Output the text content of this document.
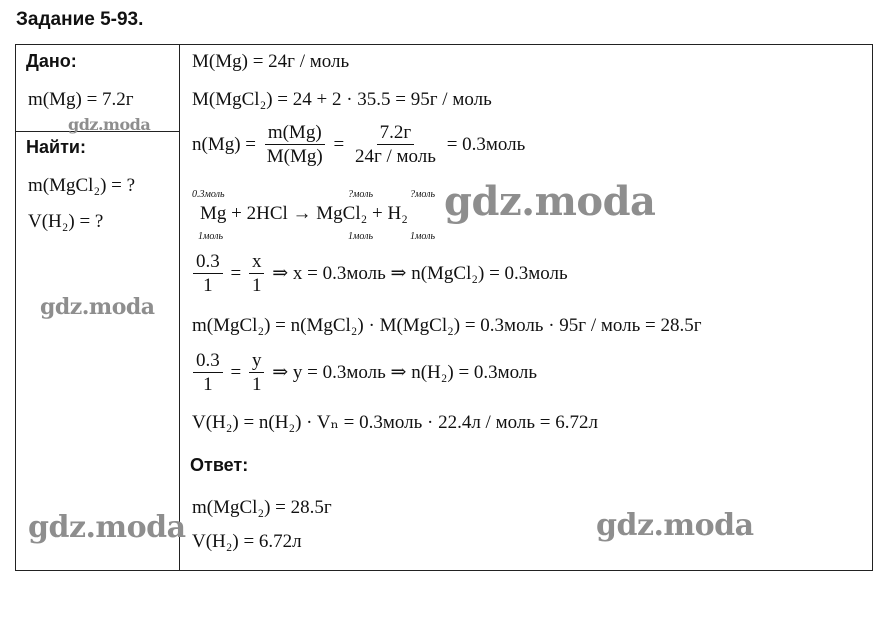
Задание 5-93.
Дано:
m(Mg) = 7.2г
Найти:
m(MgCl₂) = ?
V(H₂) = ?
M(Mg) = 24г / моль
M(MgCl₂) = 24 + 2 · 35.5 = 95г / моль
$n(Mg) = \frac{m(Mg)}{M(Mg)} = \frac{7.2г}{\text{24г / моль}}$ = 0.3моль
0.3моль	?моль	?моль
Mg + 2HCl → MgCl₂ + H₂
1моль	1моль	1моль
$\frac{0.3}{1} = \frac{x}{1}$ ⇒ x = 0.3моль ⇒ n(MgCl₂) = 0.3моль
m(MgCl₂) = n(MgCl₂) · M(MgCl₂) = 0.3моль · 95г / моль = 28.5г
$\frac{0.3}{1} = \frac{y}{1}$ ⇒ y = 0.3моль ⇒ n(H₂) = 0.3моль
V(H₂) = n(H₂) · Vₙ = 0.3моль · 22.4л / моль = 6.72л
Ответ:
m(MgCl₂) = 28.5г
V(H₂) = 6.72л
gdz.moda
gdz.moda
gdz.moda
gdz.moda	gdz.moda
